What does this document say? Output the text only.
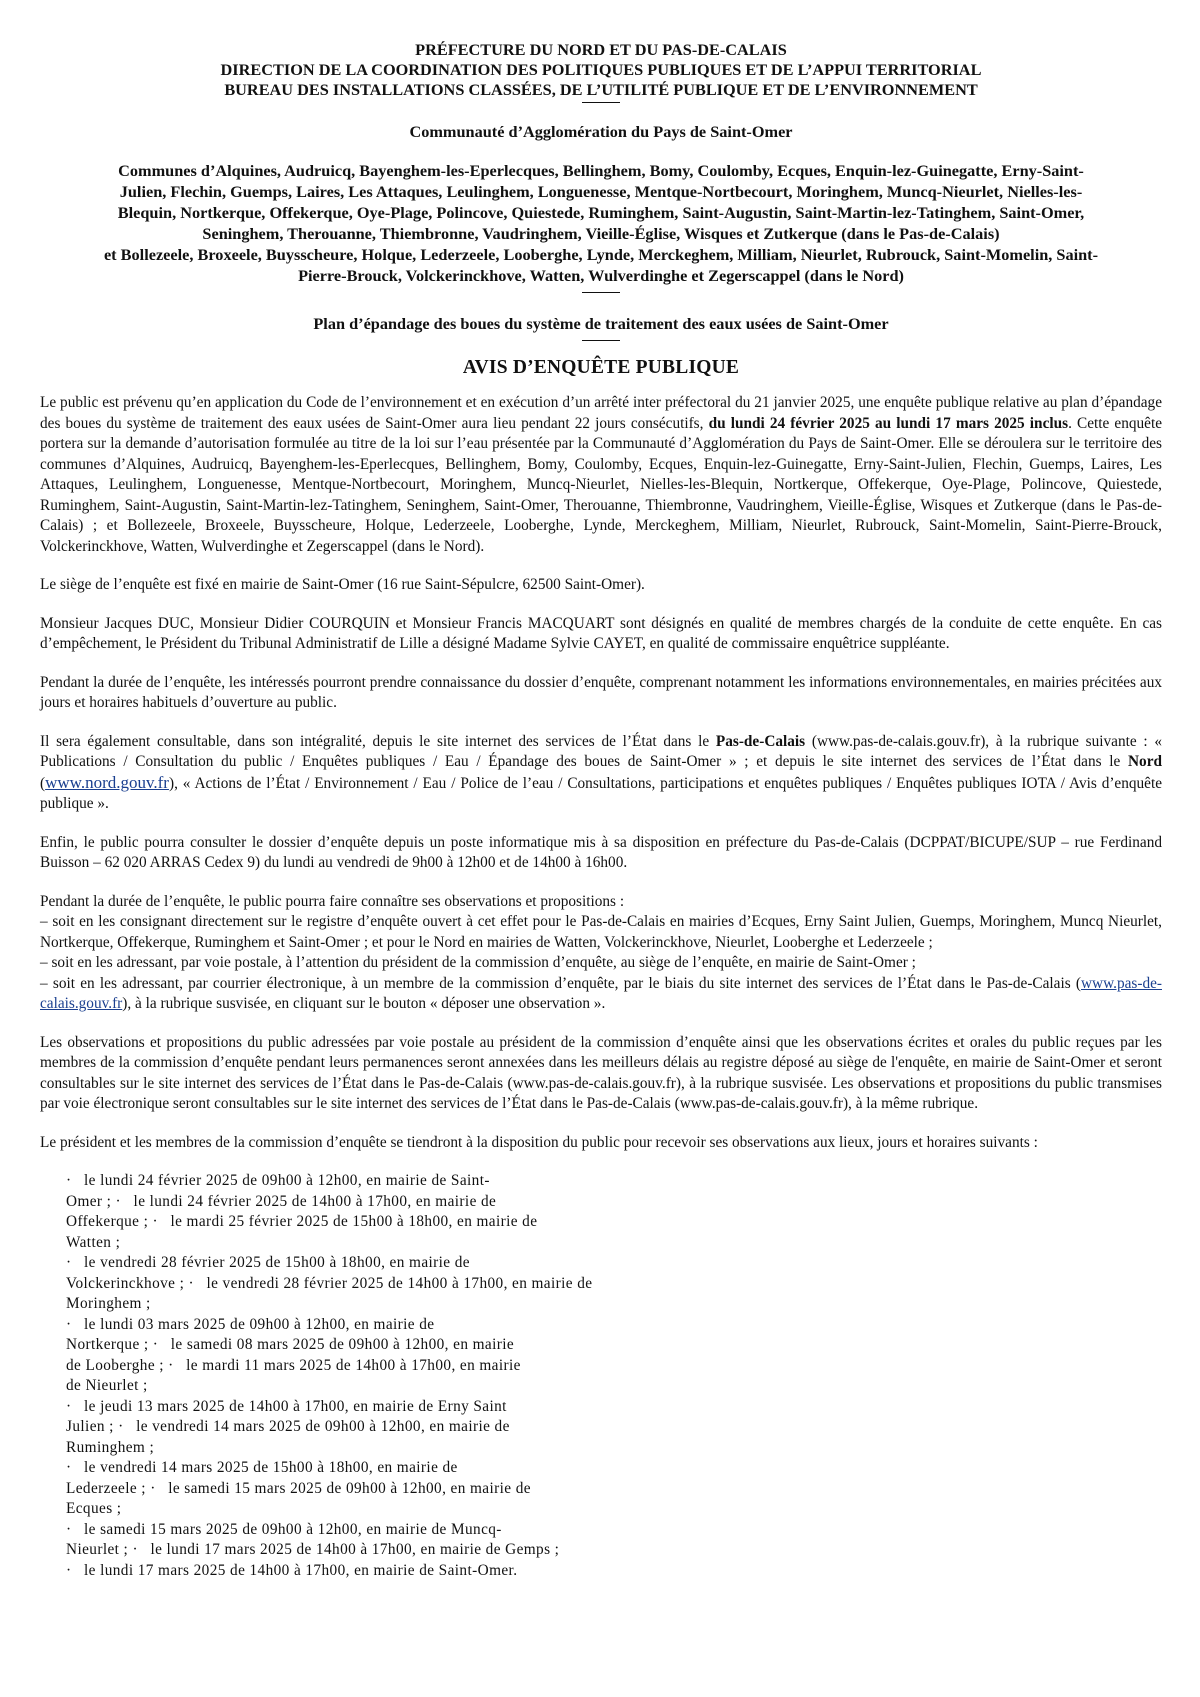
PRÉFECTURE DU NORD ET DU PAS-DE-CALAIS

DIRECTION DE LA COORDINATION DES POLITIQUES PUBLIQUES ET DE L’APPUI TERRITORIAL

BUREAU DES INSTALLATIONS CLASSÉES, DE L’UTILITÉ PUBLIQUE ET DE L’ENVIRONNEMENT

Communauté d’Agglomération du Pays de Saint-Omer

Communes d’Alquines, Audruicq, Bayenghem-les-Eperlecques, Bellinghem, Bomy, Coulomby, Ecques, Enquin-lez-Guinegatte, Erny-Saint-

Julien, Flechin, Guemps, Laires, Les Attaques, Leulinghem, Longuenesse, Mentque-Nortbecourt, Moringhem, Muncq-Nieurlet, Nielles-les-

Blequin, Nortkerque, Offekerque, Oye-Plage, Polincove, Quiestede, Ruminghem, Saint-Augustin, Saint-Martin-lez-Tatinghem, Saint-Omer,

Seninghem, Therouanne, Thiembronne, Vaudringhem, Vieille-Église, Wisques et Zutkerque (dans le Pas-de-Calais)

et Bollezeele, Broxeele, Buysscheure, Holque, Lederzeele, Looberghe, Lynde, Merckeghem, Milliam, Nieurlet, Rubrouck, Saint-Momelin, Saint-

Pierre-Brouck, Volckerinckhove, Watten, Wulverdinghe et Zegerscappel (dans le Nord)

Plan d’épandage des boues du système de traitement des eaux usées de Saint-Omer

AVIS D’ENQUÊTE PUBLIQUE

Le public est prévenu qu’en application du Code de l’environnement et en exécution d’un arrêté inter préfectoral du 21 janvier 2025, une enquête publique relative au plan d’épandage des boues du système de traitement des eaux usées de Saint-Omer aura lieu pendant 22 jours consécutifs, du lundi 24 février 2025 au lundi 17 mars 2025 inclus. Cette enquête portera sur la demande d’autorisation formulée au titre de la loi sur l’eau présentée par la Communauté d’Agglomération du Pays de Saint-Omer. Elle se déroulera sur le territoire des communes d’Alquines, Audruicq, Bayenghem-les-Eperlecques, Bellinghem, Bomy, Coulomby, Ecques, Enquin-lez-Guinegatte, Erny-Saint-Julien, Flechin, Guemps, Laires, Les Attaques, Leulinghem, Longuenesse, Mentque-Nortbecourt, Moringhem, Muncq-Nieurlet, Nielles-les-Blequin, Nortkerque, Offekerque, Oye-Plage, Polincove, Quiestede, Ruminghem, Saint-Augustin, Saint-Martin-lez-Tatinghem, Seninghem, Saint-Omer, Therouanne, Thiembronne, Vaudringhem, Vieille-Église, Wisques et Zutkerque (dans le Pas-de-Calais) ; et Bollezeele, Broxeele, Buysscheure, Holque, Lederzeele, Looberghe, Lynde, Merckeghem, Milliam, Nieurlet, Rubrouck, Saint-Momelin, Saint-Pierre-Brouck, Volckerinckhove, Watten, Wulverdinghe et Zegerscappel (dans le Nord).

Le siège de l’enquête est fixé en mairie de Saint-Omer (16 rue Saint-Sépulcre, 62500 Saint-Omer).

Monsieur Jacques DUC, Monsieur Didier COURQUIN et Monsieur Francis MACQUART sont désignés en qualité de membres chargés de la conduite de cette enquête. En cas d’empêchement, le Président du Tribunal Administratif de Lille a désigné Madame Sylvie CAYET, en qualité de commissaire enquêtrice suppléante.

Pendant la durée de l’enquête, les intéressés pourront prendre connaissance du dossier d’enquête, comprenant notamment les informations environnementales, en mairies précitées aux jours et horaires habituels d’ouverture au public.

Il sera également consultable, dans son intégralité, depuis le site internet des services de l’État dans le Pas-de-Calais (www.pas-de-calais.gouv.fr), à la rubrique suivante : « Publications / Consultation du public / Enquêtes publiques / Eau / Épandage des boues de Saint-Omer » ; et depuis le site internet des services de l’État dans le Nord (www.nord.gouv.fr), « Actions de l’État / Environnement / Eau / Police de l’eau / Consultations, participations et enquêtes publiques / Enquêtes publiques IOTA / Avis d’enquête publique ».

Enfin, le public pourra consulter le dossier d’enquête depuis un poste informatique mis à sa disposition en préfecture du Pas-de-Calais (DCPPAT/BICUPE/SUP – rue Ferdinand Buisson – 62 020 ARRAS Cedex 9) du lundi au vendredi de 9h00 à 12h00 et de 14h00 à 16h00.

Pendant la durée de l’enquête, le public pourra faire connaître ses observations et propositions :

– soit en les consignant directement sur le registre d’enquête ouvert à cet effet pour le Pas-de-Calais en mairies d’Ecques, Erny Saint Julien, Guemps, Moringhem, Muncq Nieurlet, Nortkerque, Offekerque, Ruminghem et Saint-Omer ; et pour le Nord en mairies de Watten, Volckerinckhove, Nieurlet, Looberghe et Lederzeele ;

– soit en les adressant, par voie postale, à l’attention du président de la commission d’enquête, au siège de l’enquête, en mairie de Saint-Omer ;

– soit en les adressant, par courrier électronique, à un membre de la commission d’enquête, par le biais du site internet des services de l’État dans le Pas-de-Calais (www.pas-de-calais.gouv.fr), à la rubrique susvisée, en cliquant sur le bouton « déposer une observation ».

Les observations et propositions du public adressées par voie postale au président de la commission d’enquête ainsi que les observations écrites et orales du public reçues par les membres de la commission d’enquête pendant leurs permanences seront annexées dans les meilleurs délais au registre déposé au siège de l'enquête, en mairie de Saint-Omer et seront consultables sur le site internet des services de l’État dans le Pas-de-Calais (www.pas-de-calais.gouv.fr), à la rubrique susvisée. Les observations et propositions du public transmises par voie électronique seront consultables sur le site internet des services de l’État dans le Pas-de-Calais (www.pas-de-calais.gouv.fr), à la même rubrique.

Le président et les membres de la commission d’enquête se tiendront à la disposition du public pour recevoir ses observations aux lieux, jours et horaires suivants :

· le lundi 24 février 2025 de 09h00 à 12h00, en mairie de Saint-

Omer ; · le lundi 24 février 2025 de 14h00 à 17h00, en mairie de

Offekerque ; · le mardi 25 février 2025 de 15h00 à 18h00, en mairie de

Watten ;

· le vendredi 28 février 2025 de 15h00 à 18h00, en mairie de

Volckerinckhove ; · le vendredi 28 février 2025 de 14h00 à 17h00, en mairie de

Moringhem ;

· le lundi 03 mars 2025 de 09h00 à 12h00, en mairie de

Nortkerque ; · le samedi 08 mars 2025 de 09h00 à 12h00, en mairie

de Looberghe ; · le mardi 11 mars 2025 de 14h00 à 17h00, en mairie

de Nieurlet ;

· le jeudi 13 mars 2025 de 14h00 à 17h00, en mairie de Erny Saint

Julien ; · le vendredi 14 mars 2025 de 09h00 à 12h00, en mairie de

Ruminghem ;

· le vendredi 14 mars 2025 de 15h00 à 18h00, en mairie de

Lederzeele ; · le samedi 15 mars 2025 de 09h00 à 12h00, en mairie de

Ecques ;

· le samedi 15 mars 2025 de 09h00 à 12h00, en mairie de Muncq-

Nieurlet ; · le lundi 17 mars 2025 de 14h00 à 17h00, en mairie de Gemps ;

· le lundi 17 mars 2025 de 14h00 à 17h00, en mairie de Saint-Omer.
